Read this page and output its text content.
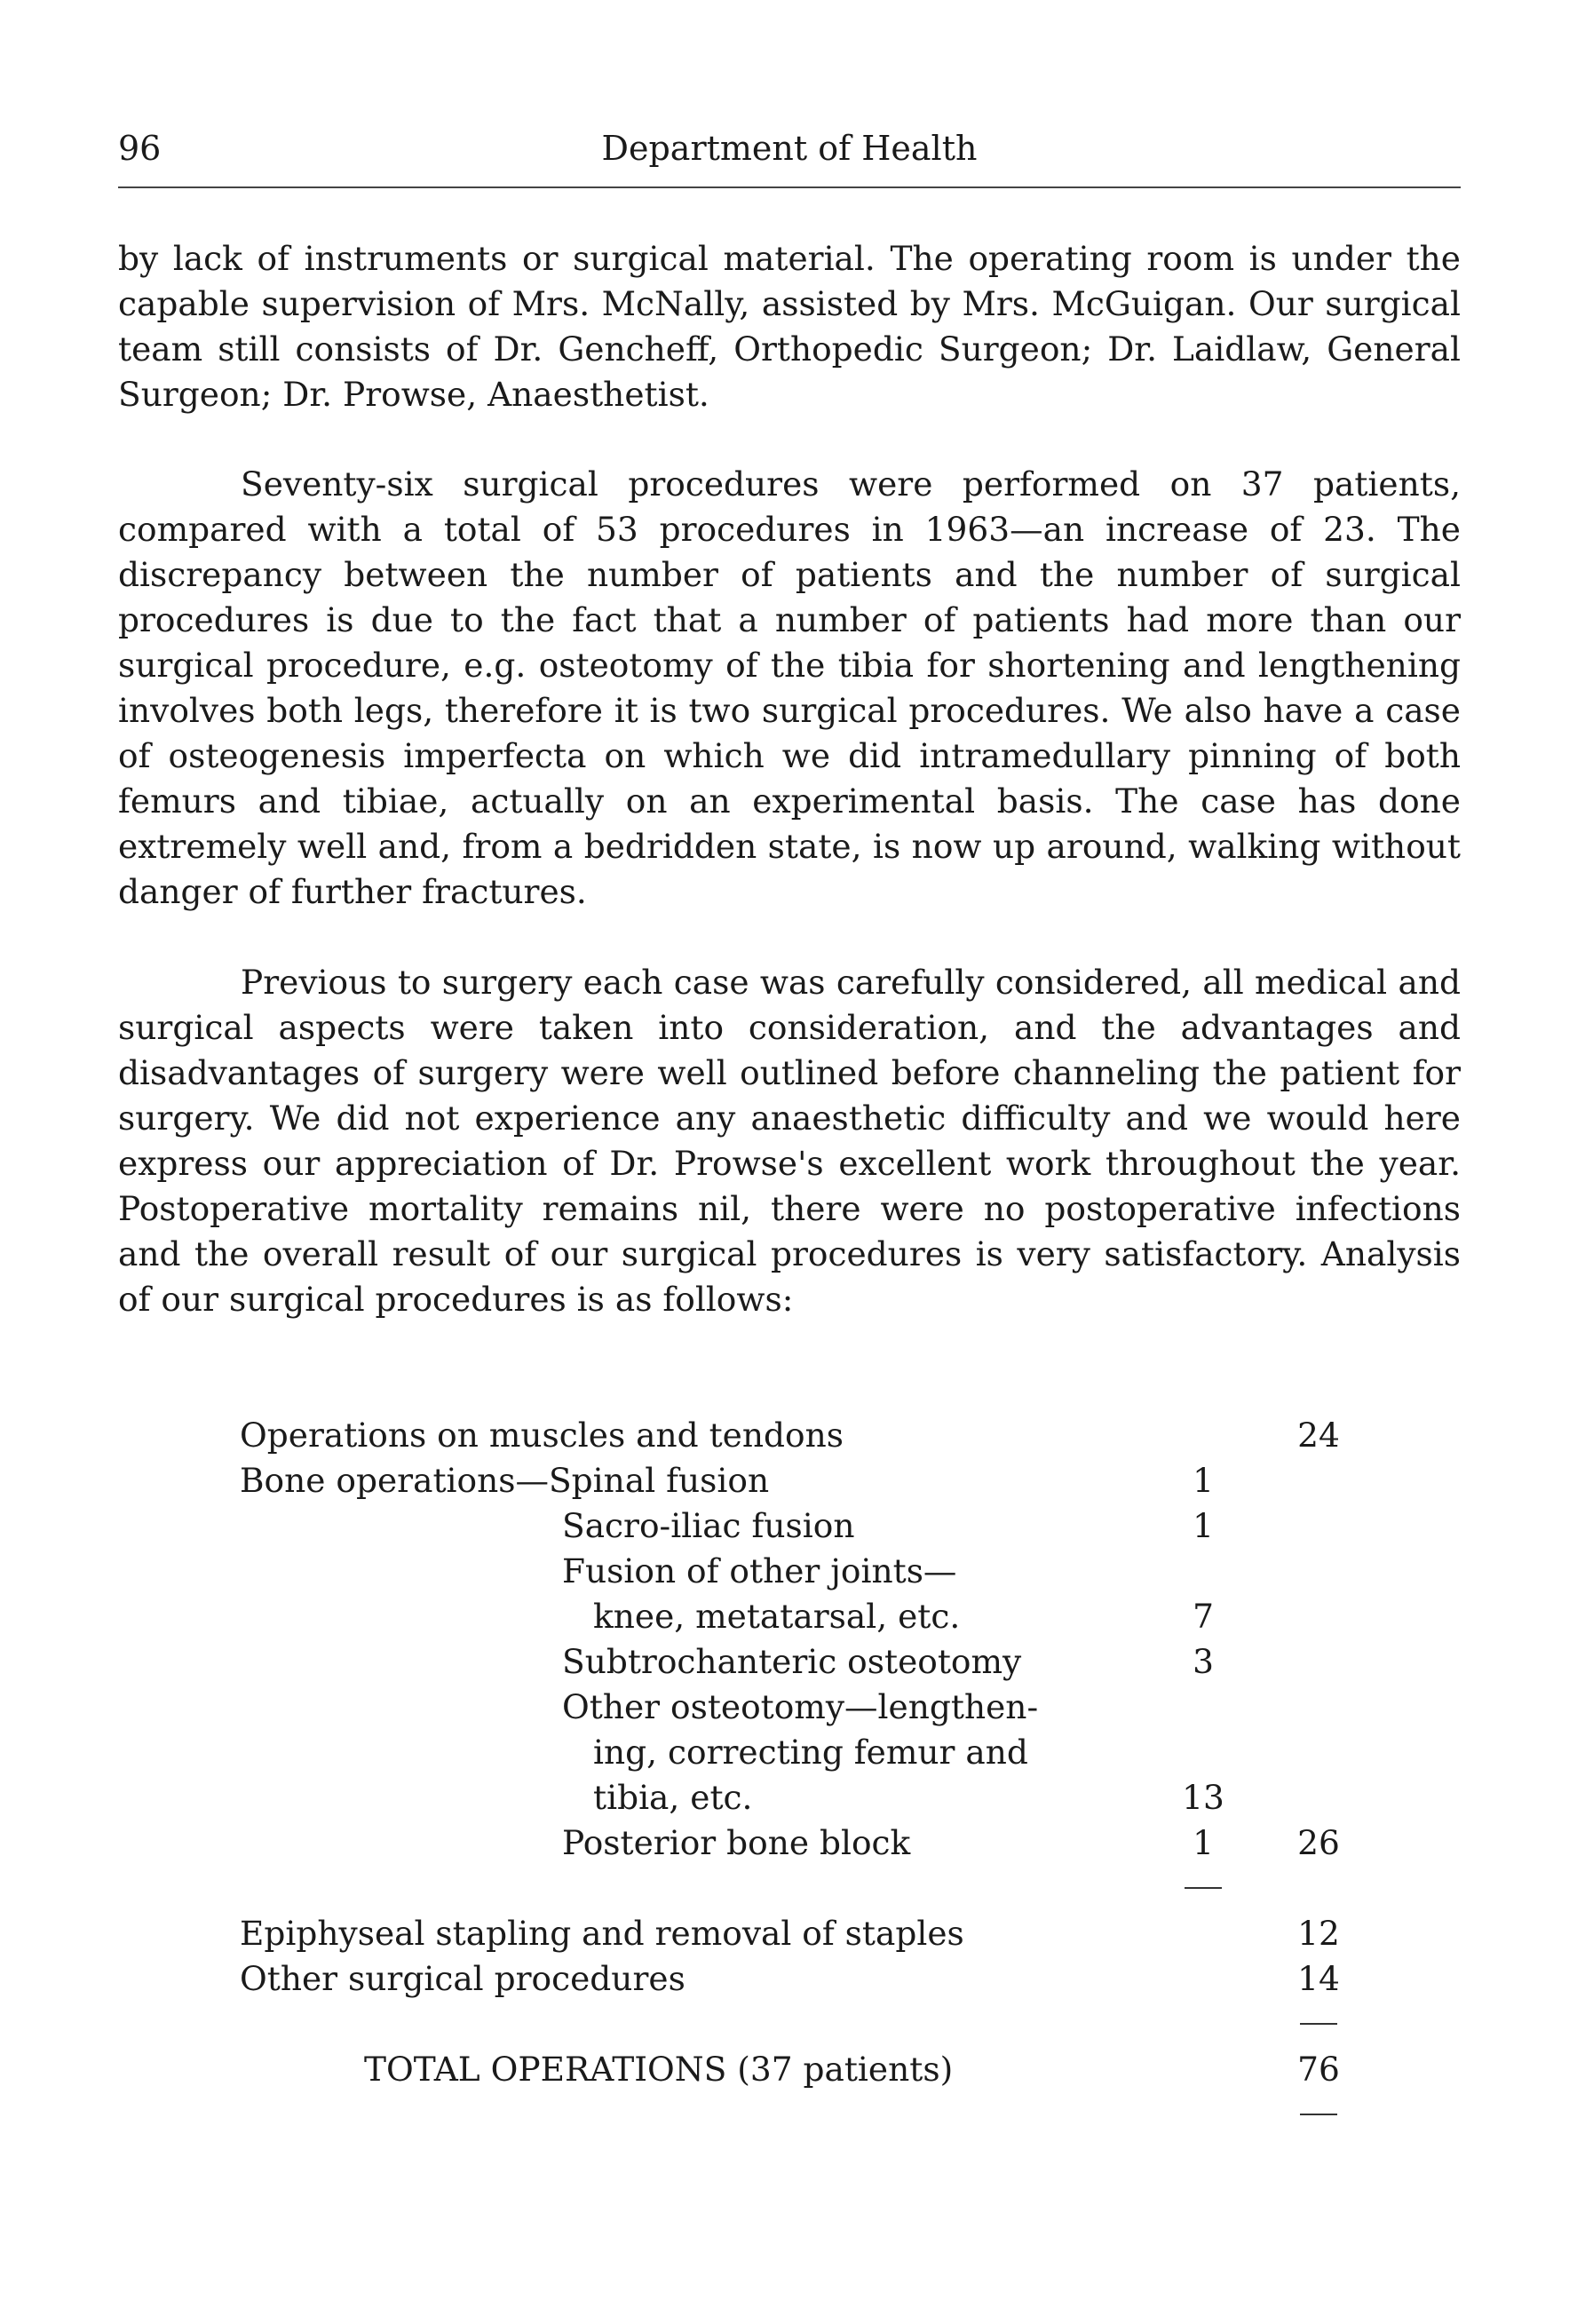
96	Department of Health

by lack of instruments or surgical material. The operating room is under the capable supervision of Mrs. McNally, assisted by Mrs. McGuigan. Our surgical team still consists of Dr. Gencheff, Orthopedic Surgeon; Dr. Laidlaw, General Surgeon; Dr. Prowse, Anaesthetist.

Seventy-six surgical procedures were performed on 37 patients, compared with a total of 53 procedures in 1963—an increase of 23. The discrepancy between the number of patients and the number of surgical procedures is due to the fact that a number of patients had more than our surgical procedure, e.g. osteotomy of the tibia for shortening and lengthening involves both legs, therefore it is two surgical procedures. We also have a case of osteogenesis imperfecta on which we did intramedullary pinning of both femurs and tibiae, actually on an experimental basis. The case has done extremely well and, from a bedridden state, is now up around, walking without danger of further fractures.

Previous to surgery each case was carefully considered, all medical and surgical aspects were taken into consideration, and the advantages and disadvantages of surgery were well outlined before channeling the patient for surgery. We did not experience any anaesthetic difficulty and we would here express our appreciation of Dr. Prowse's excellent work throughout the year. Postoperative mortality remains nil, there were no postoperative infections and the overall result of our surgical procedures is very satisfactory. Analysis of our surgical procedures is as follows:

Operations on muscles and tendons	24
Bone operations—Spinal fusion	1
Sacro-iliac fusion	1
Fusion of other joints—
knee, metatarsal, etc.	7
Subtrochanteric osteotomy	3
Other osteotomy—lengthen-
ing, correcting femur and
tibia, etc.	13
Posterior bone block	1	26
Epiphyseal stapling and removal of staples	12
Other surgical procedures	14
TOTAL OPERATIONS (37 patients)	76
